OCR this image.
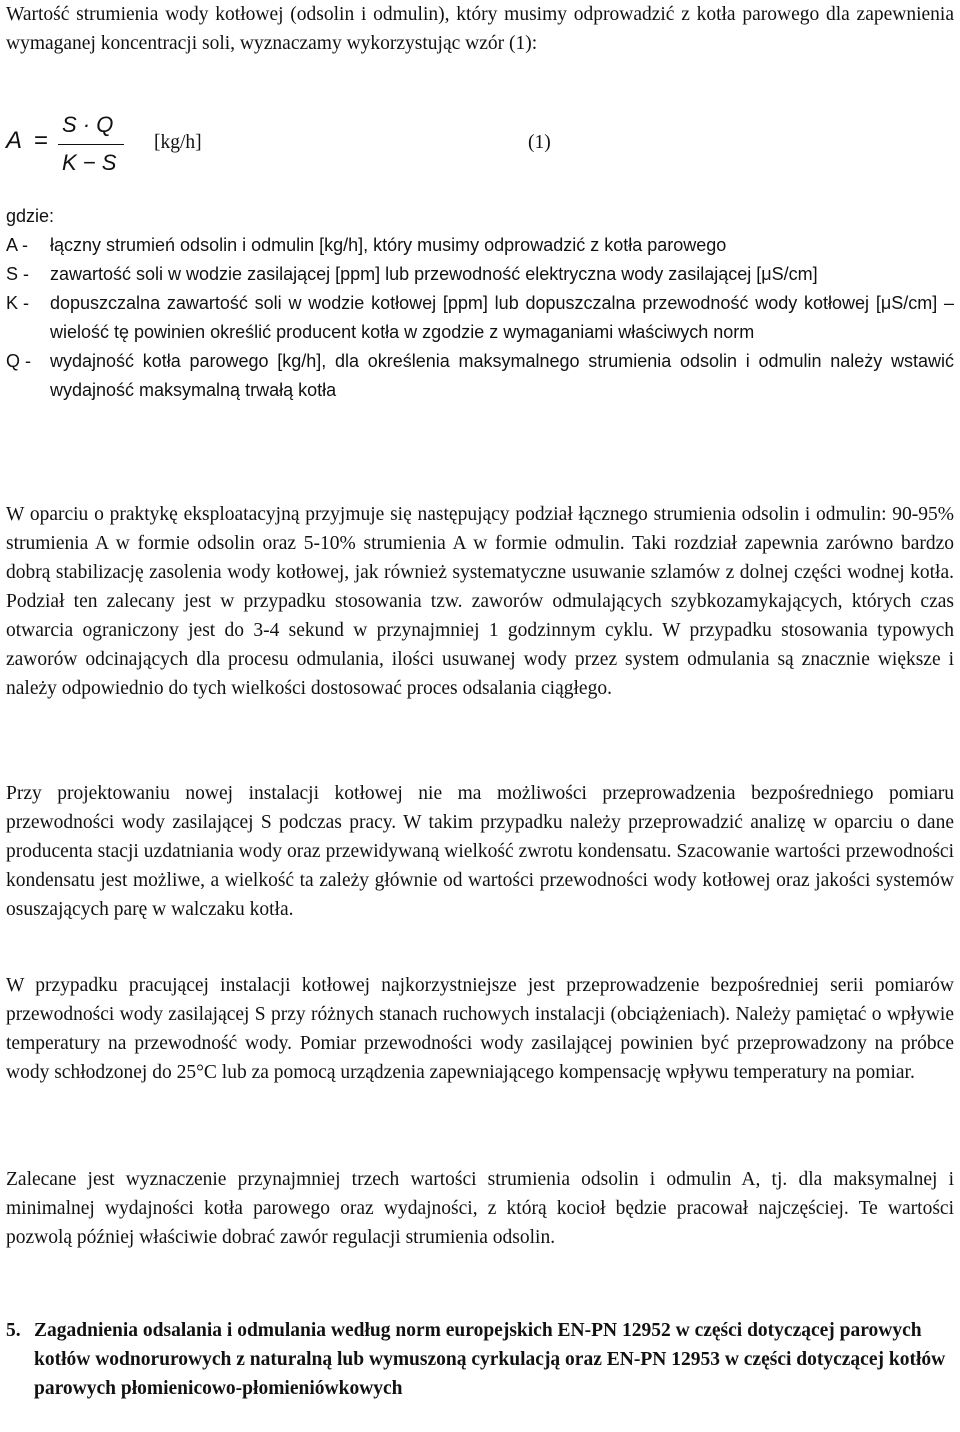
Wartość strumienia wody kotłowej (odsolin i odmulin), który musimy odprowadzić z kotła parowego dla zapewnienia wymaganej koncentracji soli, wyznaczamy wykorzystując wzór (1):

A =
S · Q
K − S
[kg/h]	(1)
gdzie:
A - łączny strumień odsolin i odmulin [kg/h], który musimy odprowadzić z kotła parowego
S - zawartość soli w wodzie zasilającej [ppm] lub przewodność elektryczna wody zasilającej [μS/cm]
K - dopuszczalna zawartość soli w wodzie kotłowej [ppm] lub dopuszczalna przewodność wody kotłowej [μS/cm] – wielość tę powinien określić producent kotła w zgodzie z wymaganiami właściwych norm
Q - wydajność kotła parowego [kg/h], dla określenia maksymalnego strumienia odsolin i odmulin należy wstawić wydajność maksymalną trwałą kotła

W oparciu o praktykę eksploatacyjną przyjmuje się następujący podział łącznego strumienia odsolin i odmulin: 90-95% strumienia A w formie odsolin oraz 5-10% strumienia A w formie odmulin. Taki rozdział zapewnia zarówno bardzo dobrą stabilizację zasolenia wody kotłowej, jak również systematyczne usuwanie szlamów z dolnej części wodnej kotła. Podział ten zalecany jest w przypadku stosowania tzw. zaworów odmulających szybkozamykających, których czas otwarcia ograniczony jest do 3-4 sekund w przynajmniej 1 godzinnym cyklu. W przypadku stosowania typowych zaworów odcinających dla procesu odmulania, ilości usuwanej wody przez system odmulania są znacznie większe i należy odpowiednio do tych wielkości dostosować proces odsalania ciągłego.

Przy projektowaniu nowej instalacji kotłowej nie ma możliwości przeprowadzenia bezpośredniego pomiaru przewodności wody zasilającej S podczas pracy. W takim przypadku należy przeprowadzić analizę w oparciu o dane producenta stacji uzdatniania wody oraz przewidywaną wielkość zwrotu kondensatu. Szacowanie wartości przewodności kondensatu jest możliwe, a wielkość ta zależy głównie od wartości przewodności wody kotłowej oraz jakości systemów osuszających parę w walczaku kotła.

W przypadku pracującej instalacji kotłowej najkorzystniejsze jest przeprowadzenie bezpośredniej serii pomiarów przewodności wody zasilającej S przy różnych stanach ruchowych instalacji (obciążeniach). Należy pamiętać o wpływie temperatury na przewodność wody. Pomiar przewodności wody zasilającej powinien być przeprowadzony na próbce wody schłodzonej do 25°C lub za pomocą urządzenia zapewniającego kompensację wpływu temperatury na pomiar.

Zalecane jest wyznaczenie przynajmniej trzech wartości strumienia odsolin i odmulin A, tj. dla maksymalnej i minimalnej wydajności kotła parowego oraz wydajności, z którą kocioł będzie pracował najczęściej. Te wartości pozwolą później właściwie dobrać zawór regulacji strumienia odsolin.

5. Zagadnienia odsalania i odmulania według norm europejskich EN-PN 12952 w części dotyczącej parowych kotłów wodnorurowych z naturalną lub wymuszoną cyrkulacją oraz EN-PN 12953 w części dotyczącej kotłów parowych płomienicowo-płomieniówkowych
